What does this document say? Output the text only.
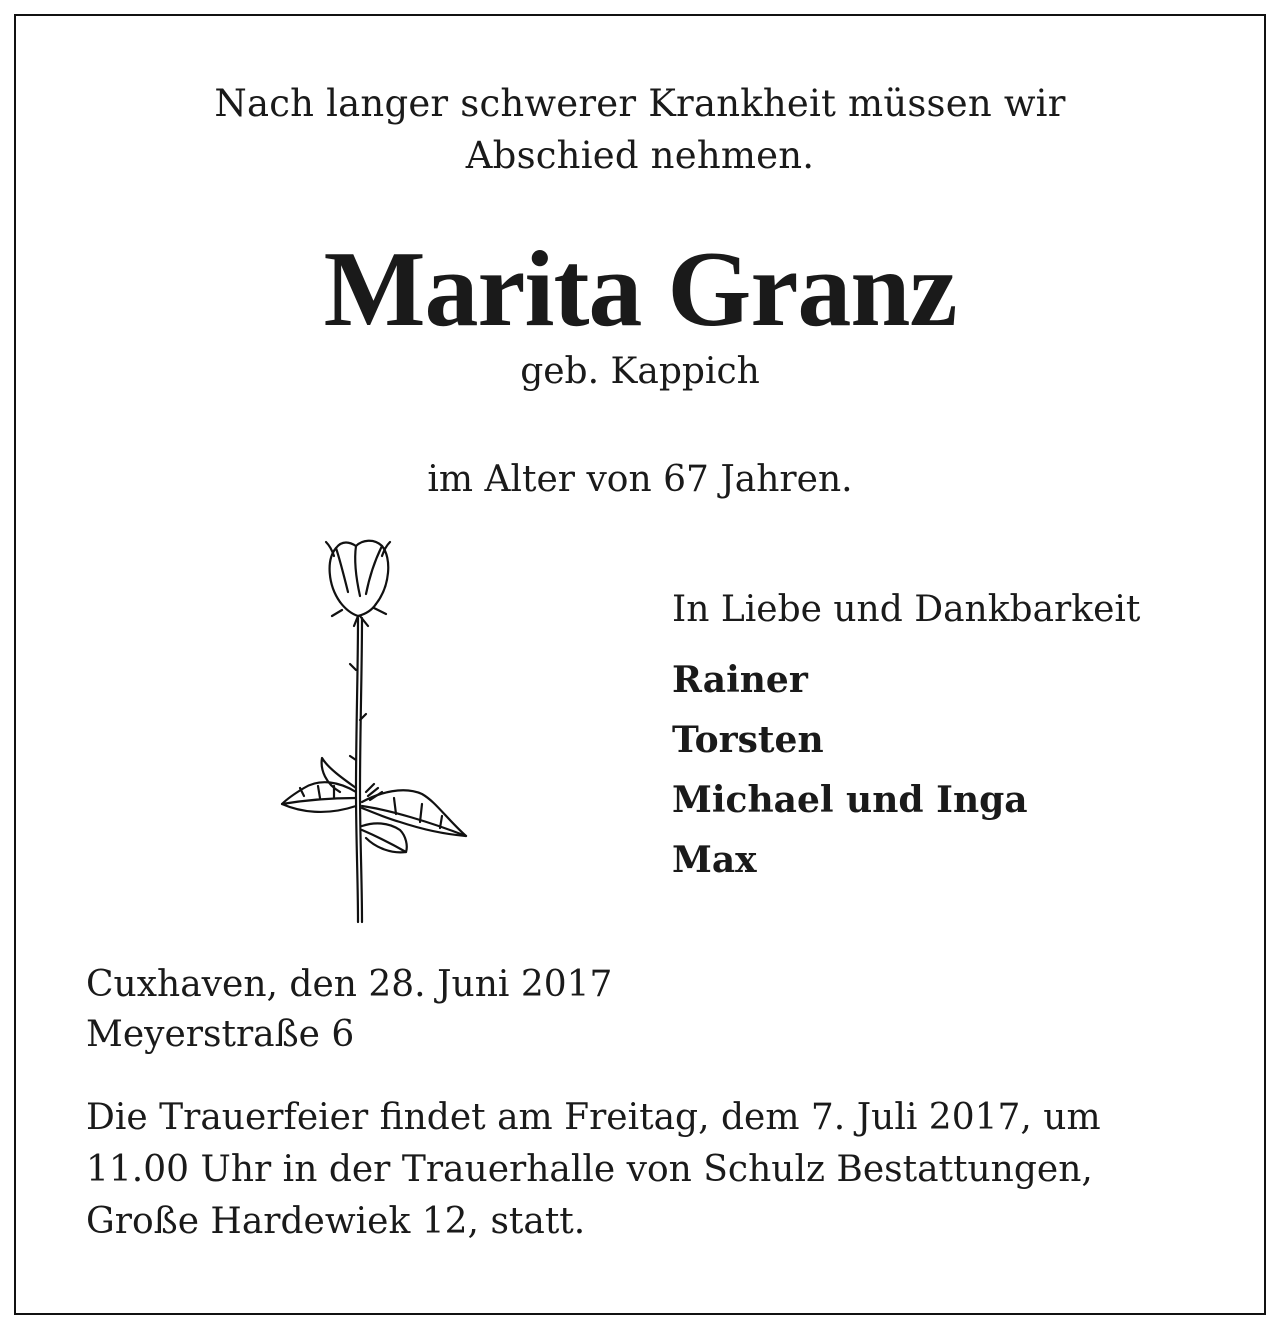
Nach langer schwerer Krankheit müssen wir
Abschied nehmen.
Marita Granz
geb. Kappich
im Alter von 67 Jahren.
In Liebe und Dankbarkeit
Rainer
Torsten
Michael und Inga
Max
Cuxhaven, den 28. Juni 2017
Meyerstraße 6
Die Trauerfeier findet am Freitag, dem 7. Juli 2017, um
11.00 Uhr in der Trauerhalle von Schulz Bestattungen,
Große Hardewiek 12, statt.
